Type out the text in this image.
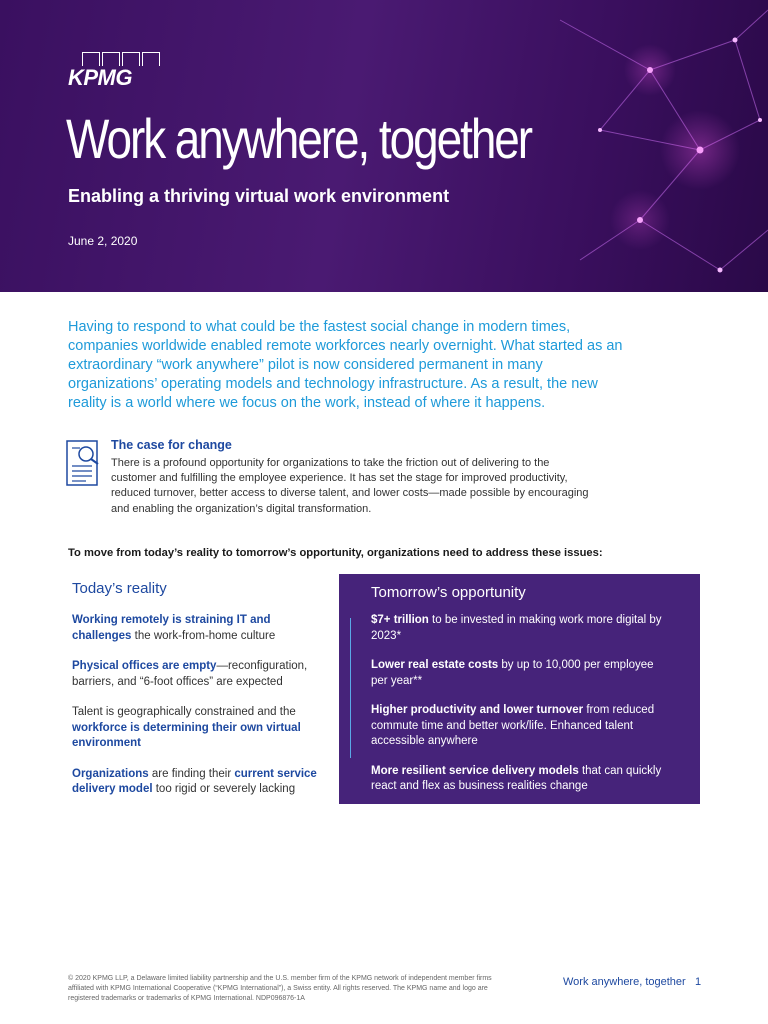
KPMG
Work anywhere, together
Enabling a thriving virtual work environment
June 2, 2020

Having to respond to what could be the fastest social change in modern times, companies worldwide enabled remote workforces nearly overnight. What started as an extraordinary “work anywhere” pilot is now considered permanent in many organizations’ operating models and technology infrastructure. As a result, the new reality is a world where we focus on the work, instead of where it happens.

The case for change

There is a profound opportunity for organizations to take the friction out of delivering to the customer and fulfilling the employee experience. It has set the stage for improved productivity, reduced turnover, better access to diverse talent, and lower costs—made possible by encouraging and enabling the organization’s digital transformation.

To move from today’s reality to tomorrow’s opportunity, organizations need to address these issues:
Today’s reality

Working remotely is straining IT and challenges the work-from-home culture

Physical offices are empty—reconfiguration, barriers, and “6-foot offices” are expected

Talent is geographically constrained and the workforce is determining their own virtual environment

Organizations are finding their current service delivery model too rigid or severely lacking

Tomorrow’s opportunity

$7+ trillion to be invested in making work more digital by 2023*

Lower real estate costs by up to 10,000 per employee per year**

Higher productivity and lower turnover from reduced commute time and better work/life. Enhanced talent accessible anywhere

More resilient service delivery models that can quickly react and flex as business realities change

© 2020 KPMG LLP, a Delaware limited liability partnership and the U.S. member firm of the KPMG network of independent member firms affiliated with KPMG International Cooperative (“KPMG International”), a Swiss entity. All rights reserved. The KPMG name and logo are registered trademarks or trademarks of KPMG International. NDP096876-1A

Work anywhere, together 1
